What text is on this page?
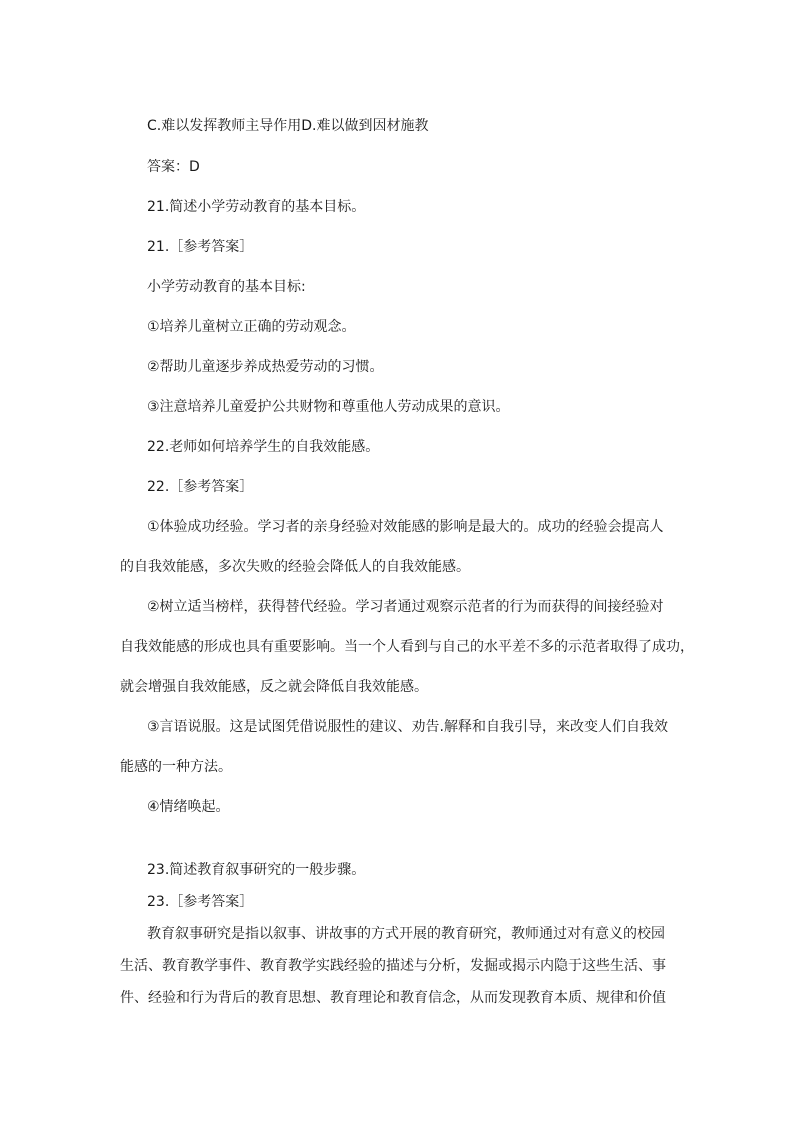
C.难以发挥教师主导作用D.难以做到因材施教
答案：D
21.简述小学劳动教育的基本目标。
21.［参考答案］
小学劳动教育的基本目标:
①培养儿童树立正确的劳动观念。
②帮助儿童逐步养成热爱劳动的习惯。
③注意培养儿童爱护公共财物和尊重他人劳动成果的意识。
22.老师如何培养学生的自我效能感。
22.［参考答案］
①体验成功经验。学习者的亲身经验对效能感的影响是最大的。成功的经验会提高人
的自我效能感，多次失败的经验会降低人的自我效能感。
②树立适当榜样，获得替代经验。学习者通过观察示范者的行为而获得的间接经验对
自我效能感的形成也具有重要影响。当一个人看到与自己的水平差不多的示范者取得了成功，
就会增强自我效能感，反之就会降低自我效能感。
③言语说服。这是试图凭借说服性的建议、劝告.解释和自我引导，来改变人们自我效
能感的一种方法。
④情绪唤起。
23.简述教育叙事研究的一般步骤。
23.［参考答案］
教育叙事研究是指以叙事、讲故事的方式开展的教育研究，教师通过对有意义的校园
生活、教育教学事件、教育教学实践经验的描述与分析，发掘或揭示内隐于这些生活、事
件、经验和行为背后的教育思想、教育理论和教育信念，从而发现教育本质、规律和价值
